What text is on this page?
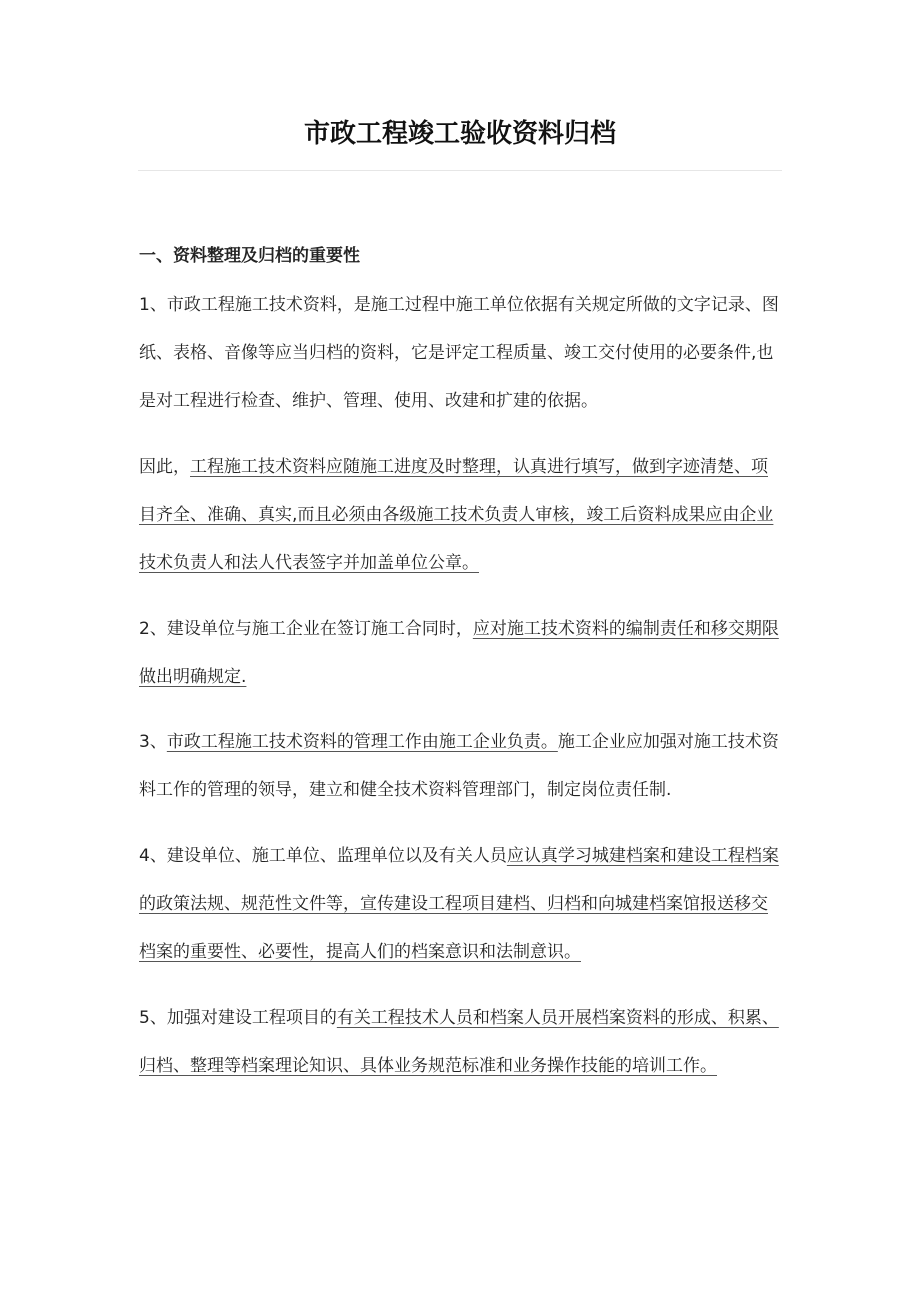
市政工程竣工验收资料归档
一、资料整理及归档的重要性

1、市政工程施工技术资料，是施工过程中施工单位依据有关规定所做的文字记录、图纸、表格、音像等应当归档的资料，它是评定工程质量、竣工交付使用的必要条件,也是对工程进行检查、维护、管理、使用、改建和扩建的依据。

因此，工程施工技术资料应随施工进度及时整理，认真进行填写，做到字迹清楚、项目齐全、准确、真实,而且必须由各级施工技术负责人审核，竣工后资料成果应由企业技术负责人和法人代表签字并加盖单位公章。

2、建设单位与施工企业在签订施工合同时，应对施工技术资料的编制责任和移交期限做出明确规定.

3、市政工程施工技术资料的管理工作由施工企业负责。施工企业应加强对施工技术资料工作的管理的领导，建立和健全技术资料管理部门，制定岗位责任制.

4、建设单位、施工单位、监理单位以及有关人员应认真学习城建档案和建设工程档案的政策法规、规范性文件等，宣传建设工程项目建档、归档和向城建档案馆报送移交档案的重要性、必要性，提高人们的档案意识和法制意识。

5、加强对建设工程项目的有关工程技术人员和档案人员开展档案资料的形成、积累、归档、整理等档案理论知识、具体业务规范标准和业务操作技能的培训工作。
